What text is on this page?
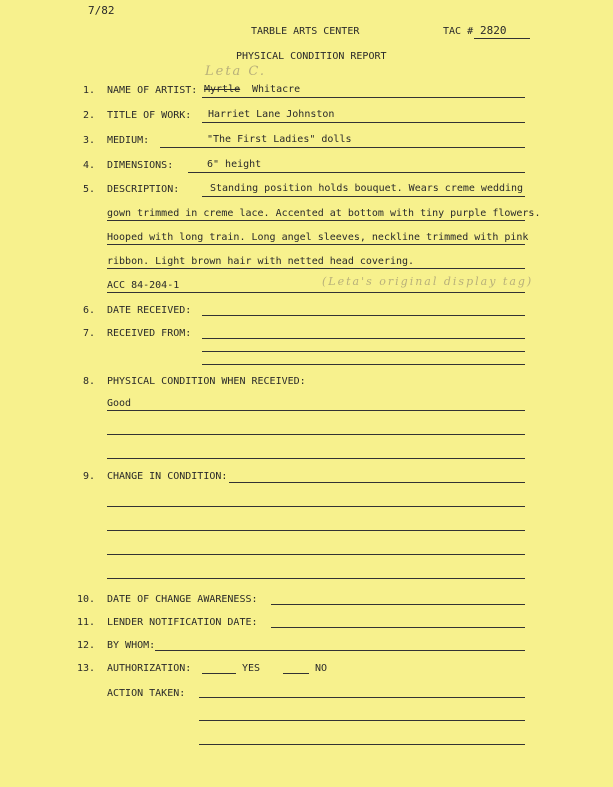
7/82
TARBLE ARTS CENTER	TAC # 2820
PHYSICAL CONDITION REPORT
1. NAME OF ARTIST:
Leta C.
Myrtle Whitacre
2. TITLE OF WORK: Harriet Lane Johnston
3. MEDIUM:	"The First Ladies" dolls
4. DIMENSIONS:	6" height
5. DESCRIPTION:	Standing position holds bouquet. Wears creme wedding
gown trimmed in creme lace. Accented at bottom with tiny purple flowers.
Hooped with long train. Long angel sleeves, neckline trimmed with pink
ribbon. Light brown hair with netted head covering.
ACC 84-204-1	(Leta's original display tag)
6. DATE RECEIVED:
7. RECEIVED FROM:
8. PHYSICAL CONDITION WHEN RECEIVED:
Good
9. CHANGE IN CONDITION:
10. DATE OF CHANGE AWARENESS:
11. LENDER NOTIFICATION DATE:
12. BY WHOM:
13. AUTHORIZATION:	YES	NO
ACTION TAKEN:
